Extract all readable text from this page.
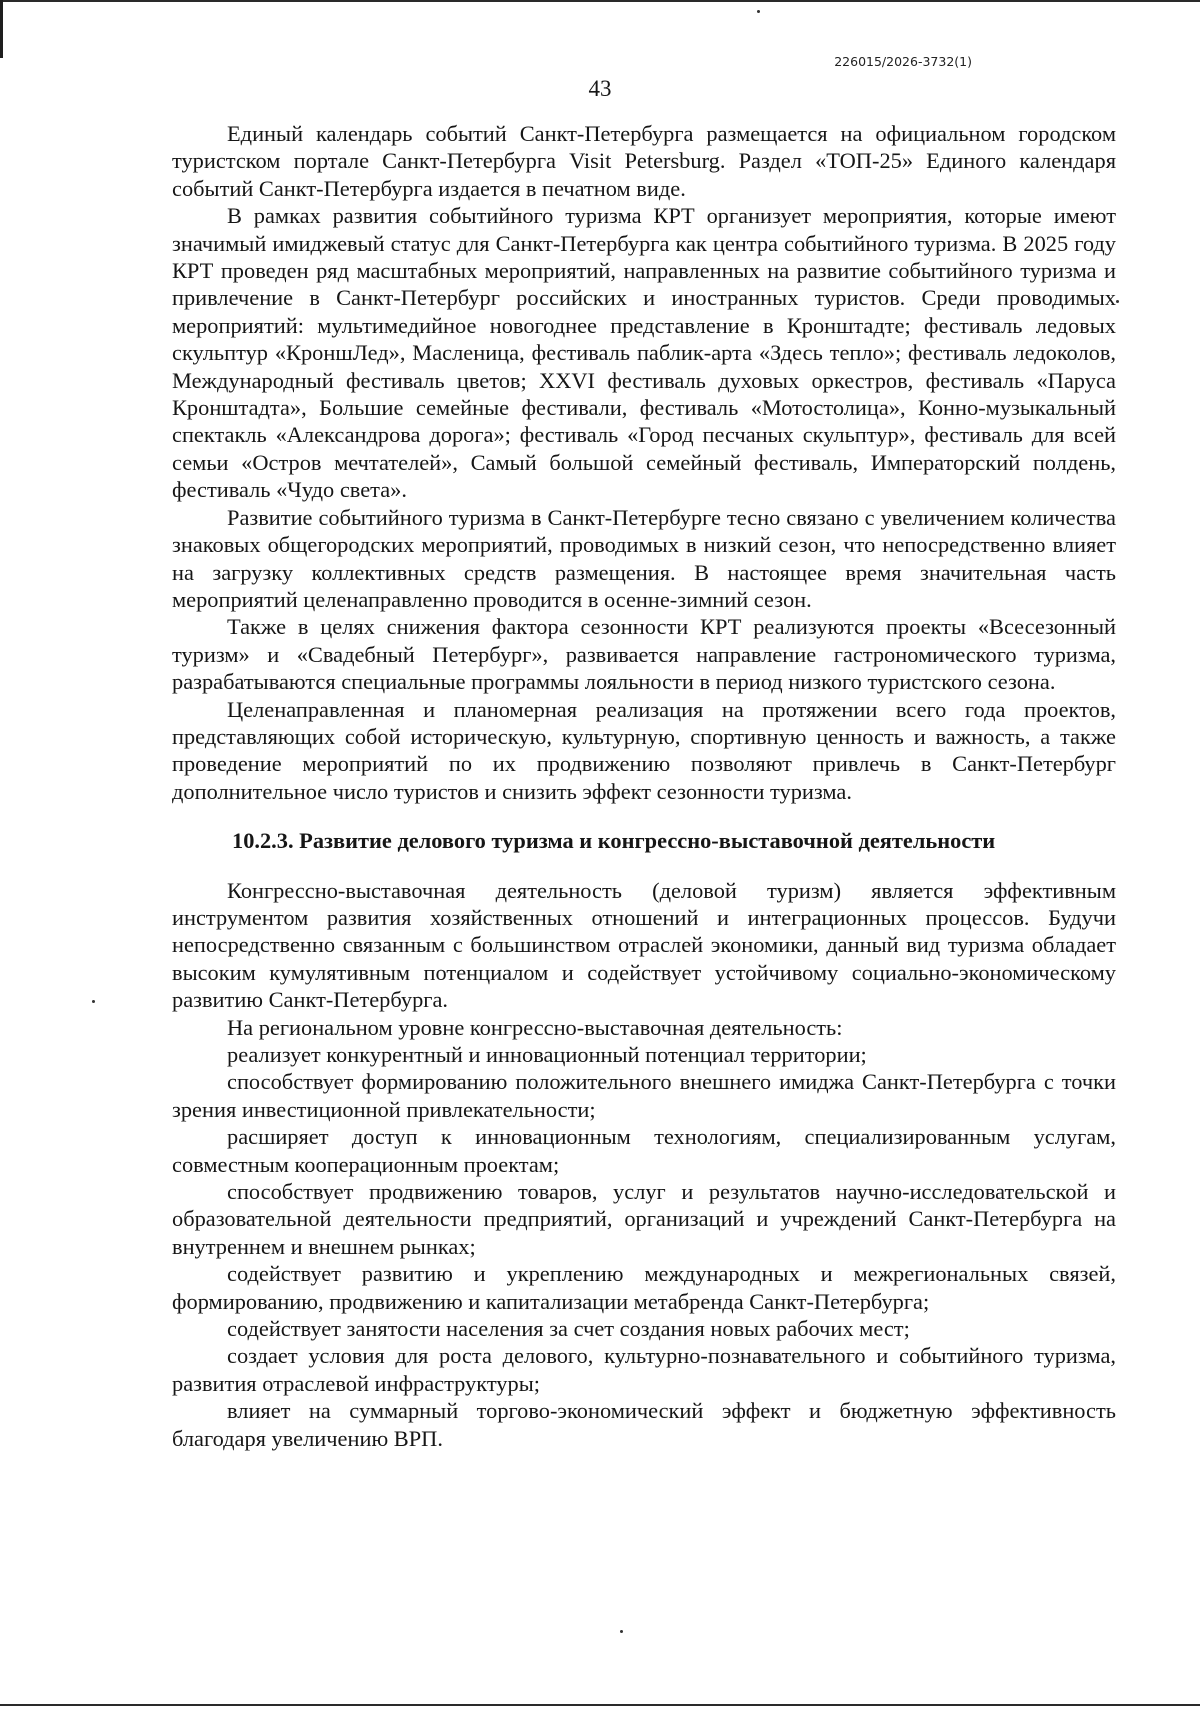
226015/2026-3732(1)
43

Единый календарь событий Санкт-Петербурга размещается на официальном городском туристском портале Санкт-Петербурга Visit Petersburg. Раздел «ТОП-25» Единого календаря событий Санкт-Петербурга издается в печатном виде.

В рамках развития событийного туризма КРТ организует мероприятия, которые имеют значимый имиджевый статус для Санкт-Петербурга как центра событийного туризма. В 2025 году КРТ проведен ряд масштабных мероприятий, направленных на развитие событийного туризма и привлечение в Санкт-Петербург российских и иностранных туристов. Среди проводимых мероприятий: мультимедийное новогоднее представление в Кронштадте; фестиваль ледовых скульптур «КроншЛед», Масленица, фестиваль паблик-арта «Здесь тепло»; фестиваль ледоколов, Международный фестиваль цветов; XXVI фестиваль духовых оркестров, фестиваль «Паруса Кронштадта», Большие семейные фестивали, фестиваль «Мотостолица», Конно-музыкальный спектакль «Александрова дорога»; фестиваль «Город песчаных скульптур», фестиваль для всей семьи «Остров мечтателей», Самый большой семейный фестиваль, Императорский полдень, фестиваль «Чудо света».

Развитие событийного туризма в Санкт-Петербурге тесно связано с увеличением количества знаковых общегородских мероприятий, проводимых в низкий сезон, что непосредственно влияет на загрузку коллективных средств размещения. В настоящее время значительная часть мероприятий целенаправленно проводится в осенне-зимний сезон.

Также в целях снижения фактора сезонности КРТ реализуются проекты «Всесезонный туризм» и «Свадебный Петербург», развивается направление гастрономического туризма, разрабатываются специальные программы лояльности в период низкого туристского сезона.

Целенаправленная и планомерная реализация на протяжении всего года проектов, представляющих собой историческую, культурную, спортивную ценность и важность, а также проведение мероприятий по их продвижению позволяют привлечь в Санкт-Петербург дополнительное число туристов и снизить эффект сезонности туризма.

10.2.3. Развитие делового туризма и конгрессно-выставочной деятельности

Конгрессно-выставочная деятельность (деловой туризм) является эффективным инструментом развития хозяйственных отношений и интеграционных процессов. Будучи непосредственно связанным с большинством отраслей экономики, данный вид туризма обладает высоким кумулятивным потенциалом и содействует устойчивому социально-экономическому развитию Санкт-Петербурга.

На региональном уровне конгрессно-выставочная деятельность:

реализует конкурентный и инновационный потенциал территории;

способствует формированию положительного внешнего имиджа Санкт-Петербурга с точки зрения инвестиционной привлекательности;

расширяет доступ к инновационным технологиям, специализированным услугам, совместным кооперационным проектам;

способствует продвижению товаров, услуг и результатов научно-исследовательской и образовательной деятельности предприятий, организаций и учреждений Санкт-Петербурга на внутреннем и внешнем рынках;

содействует развитию и укреплению международных и межрегиональных связей, формированию, продвижению и капитализации метабренда Санкт-Петербурга;

содействует занятости населения за счет создания новых рабочих мест;

создает условия для роста делового, культурно-познавательного и событийного туризма, развития отраслевой инфраструктуры;

влияет на суммарный торгово-экономический эффект и бюджетную эффективность благодаря увеличению ВРП.
